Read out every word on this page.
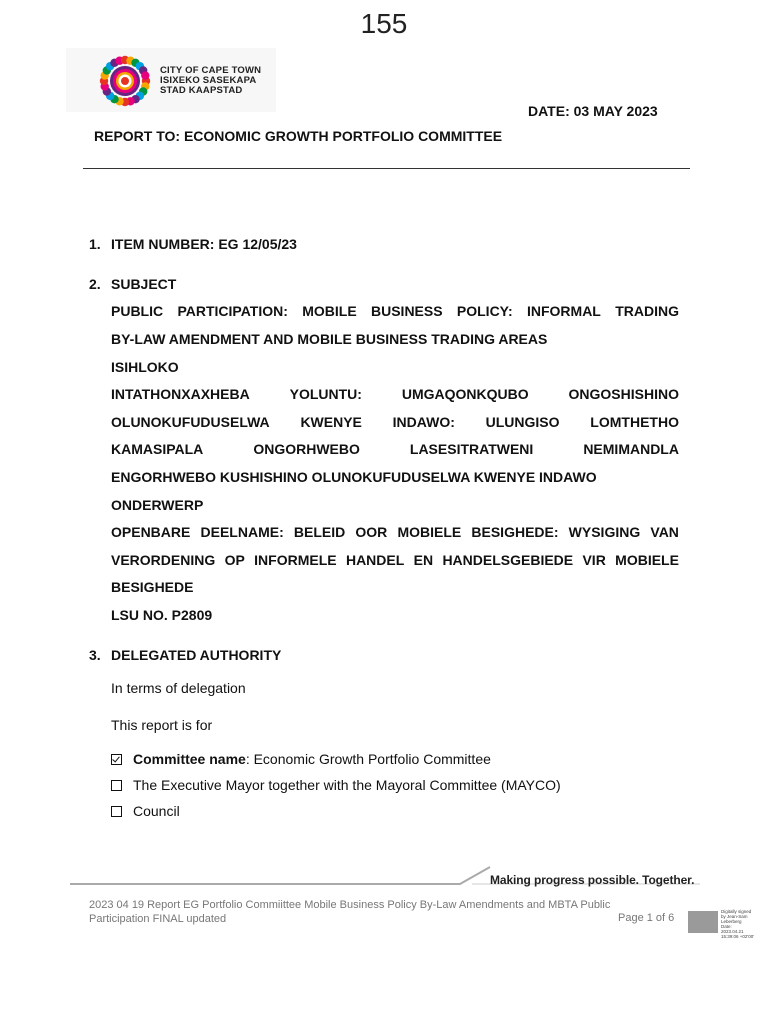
155
CITY OF CAPE TOWN
ISIXEKO SASEKAPA
STAD KAAPSTAD
DATE: 03 MAY 2023
REPORT TO: ECONOMIC GROWTH PORTFOLIO COMMITTEE
1. ITEM NUMBER: EG 12/05/23
2. SUBJECT
PUBLIC PARTICIPATION: MOBILE BUSINESS POLICY: INFORMAL TRADING
BY-LAW AMENDMENT AND MOBILE BUSINESS TRADING AREAS
ISIHLOKO
INTATHONXAXHEBA	YOLUNTU:	UMGAQONKQUBO	ONGOSHISHINO
OLUNOKUFUDUSELWA KWENYE INDAWO: ULUNGISO LOMTHETHO
KAMASIPALA	ONGORHWEBO	LASESITRATWENI	NEMIMANDLA
ENGORHWEBO KUSHISHINO OLUNOKUFUDUSELWA KWENYE INDAWO
ONDERWERP
OPENBARE DEELNAME: BELEID OOR MOBIELE BESIGHEDE: WYSIGING VAN
VERORDENING OP INFORMELE HANDEL EN HANDELSGEBIEDE VIR MOBIELE
BESIGHEDE
LSU NO. P2809
3. DELEGATED AUTHORITY
In terms of delegation
This report is for
Committee name : Economic Growth Portfolio Committee
The Executive Mayor together with the Mayoral Committee (MAYCO)
Council
Making progress possible. Together.
2023 04 19 Report EG Portfolio Commiittee Mobile Business Policy By-Law Amendments and MBTA Public Participation FINAL updated	Page 1 of 6
Digitally signed
by Jean-Sam
Leberberg
Date: 2023.04.21
15:39:06 +02'00'
